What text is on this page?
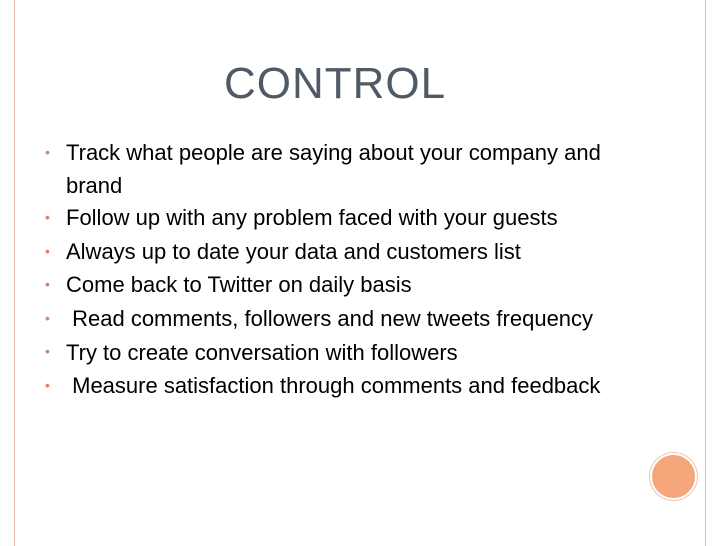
CONTROL
• Track what people are saying about your company and brand
• Follow up with any problem faced with your guests
• Always up to date your data and customers list
•Come back to Twitter on daily basis
• Read comments, followers and new tweets frequency
• Try to create conversation with followers
• Measure satisfaction through comments and feedback
